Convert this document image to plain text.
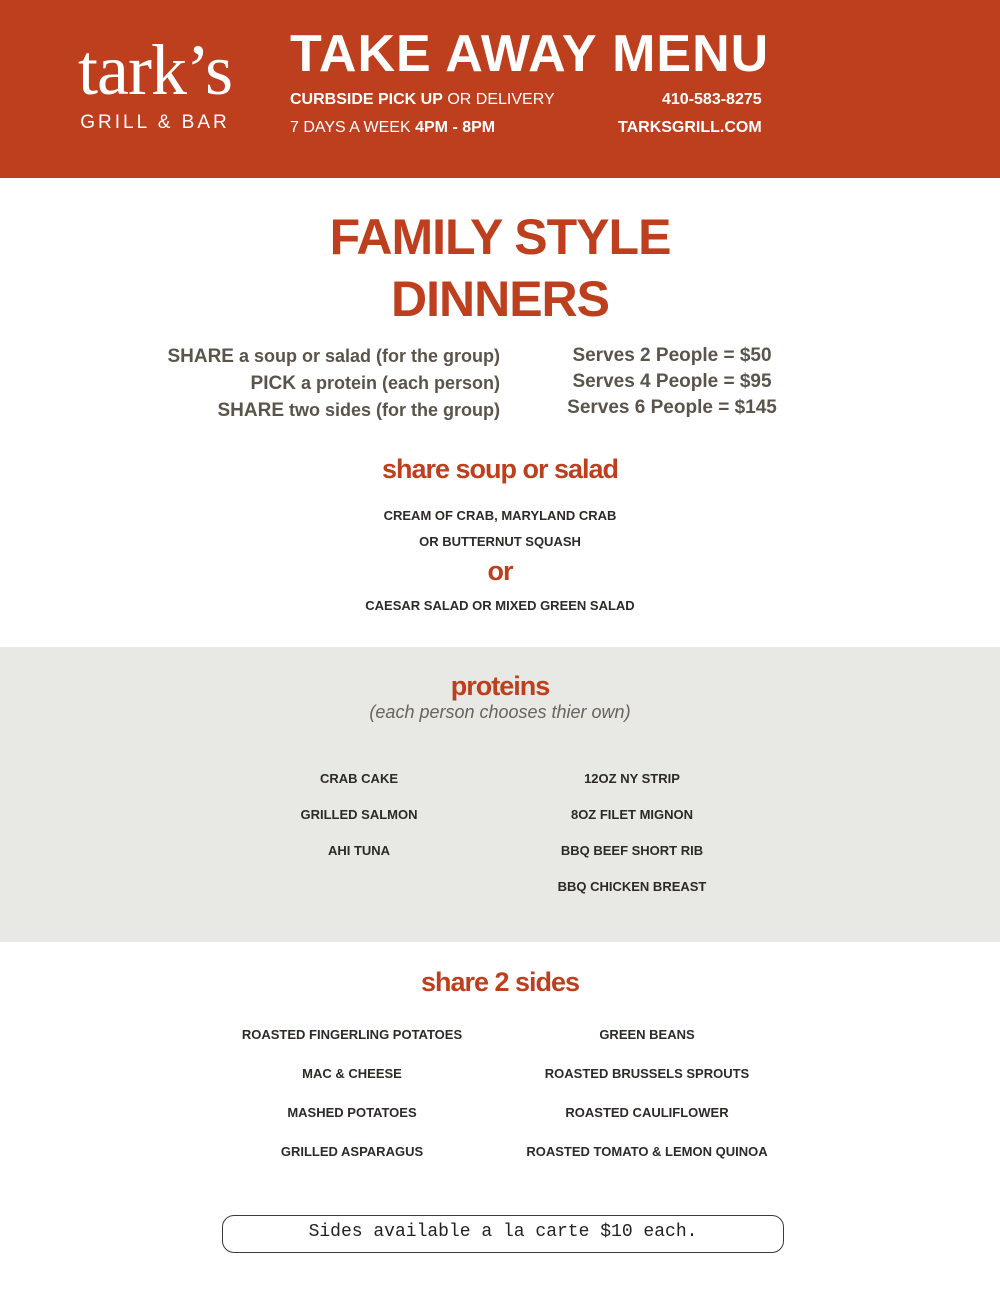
tark’s
GRILL & BAR
TAKE AWAY MENU
CURBSIDE PICK UP OR DELIVERY
7 DAYS A WEEK 4PM - 8PM
410-583-8275
TARKSGRILL.COM
FAMILY STYLE
DINNERS
SHARE a soup or salad (for the group)
PICK a protein (each person)
SHARE two sides (for the group)
Serves 2 People = $50
Serves 4 People = $95
Serves 6 People = $145
share soup or salad
CREAM OF CRAB, MARYLAND CRAB
OR BUTTERNUT SQUASH
or
CAESAR SALAD OR MIXED GREEN SALAD
proteins
(each person chooses thier own)
CRAB CAKE
GRILLED SALMON
AHI TUNA
12OZ NY STRIP
8OZ FILET MIGNON
BBQ BEEF SHORT RIB
BBQ CHICKEN BREAST
share 2 sides
ROASTED FINGERLING POTATOES
MAC & CHEESE
MASHED POTATOES
GRILLED ASPARAGUS
GREEN BEANS
ROASTED BRUSSELS SPROUTS
ROASTED CAULIFLOWER
ROASTED TOMATO & LEMON QUINOA
Sides available a la carte $10 each.
